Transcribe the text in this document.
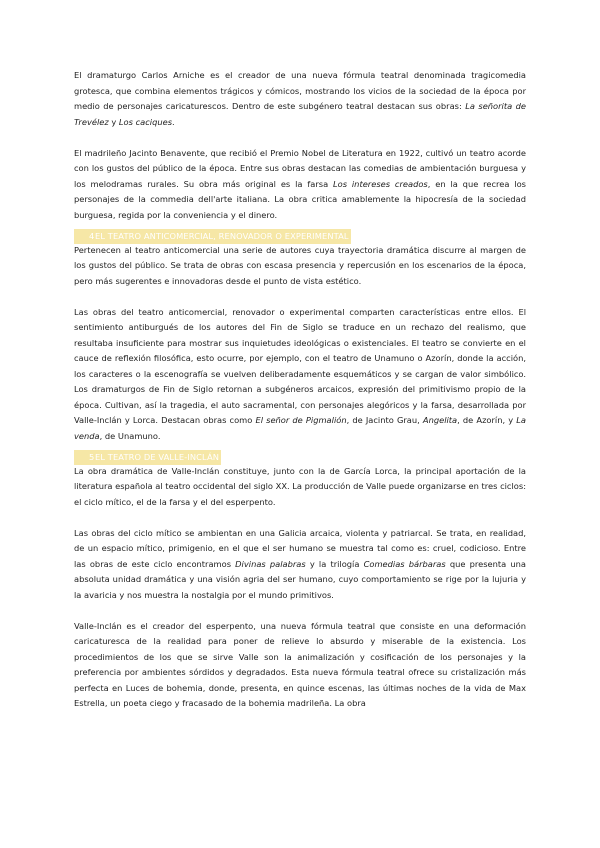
El dramaturgo Carlos Arniche es el creador de una nueva fórmula teatral denominada tragicomedia grotesca, que combina elementos trágicos y cómicos, mostrando los vicios de la sociedad de la época por medio de personajes caricaturescos. Dentro de este subgénero teatral destacan sus obras: La señorita de Trevélez y Los caciques.

El madrileño Jacinto Benavente, que recibió el Premio Nobel de Literatura en 1922, cultivó un teatro acorde con los gustos del público de la época. Entre sus obras destacan las comedias de ambientación burguesa y los melodramas rurales. Su obra más original es la farsa Los intereses creados, en la que recrea los personajes de la commedia dell'arte italiana. La obra critica amablemente la hipocresía de la sociedad burguesa, regida por la conveniencia y el dinero.

4EL TEATRO ANTICOMERCIAL, RENOVADOR O EXPERIMENTAL

Pertenecen al teatro anticomercial una serie de autores cuya trayectoria dramática discurre al margen de los gustos del público. Se trata de obras con escasa presencia y repercusión en los escenarios de la época, pero más sugerentes e innovadoras desde el punto de vista estético.

Las obras del teatro anticomercial, renovador o experimental comparten características entre ellos. El sentimiento antiburgués de los autores del Fin de Siglo se traduce en un rechazo del realismo, que resultaba insuficiente para mostrar sus inquietudes ideológicas o existenciales. El teatro se convierte en el cauce de reflexión filosófica, esto ocurre, por ejemplo, con el teatro de Unamuno o Azorín, donde la acción, los caracteres o la escenografía se vuelven deliberadamente esquemáticos y se cargan de valor simbólico. Los dramaturgos de Fin de Siglo retornan a subgéneros arcaicos, expresión del primitivismo propio de la época. Cultivan, así la tragedia, el auto sacramental, con personajes alegóricos y la farsa, desarrollada por Valle-Inclán y Lorca. Destacan obras como El señor de Pigmalión, de Jacinto Grau, Angelita, de Azorín, y La venda, de Unamuno.

5EL TEATRO DE VALLE-INCLÁN

La obra dramática de Valle-Inclán constituye, junto con la de García Lorca, la principal aportación de la literatura española al teatro occidental del siglo XX. La producción de Valle puede organizarse en tres ciclos: el ciclo mítico, el de la farsa y el del esperpento.

Las obras del ciclo mítico se ambientan en una Galicia arcaica, violenta y patriarcal. Se trata, en realidad, de un espacio mítico, primigenio, en el que el ser humano se muestra tal como es: cruel, codicioso. Entre las obras de este ciclo encontramos Divinas palabras y la trilogía Comedias bárbaras que presenta una absoluta unidad dramática y una visión agria del ser humano, cuyo comportamiento se rige por la lujuria y la avaricia y nos muestra la nostalgia por el mundo primitivos.

Valle-Inclán es el creador del esperpento, una nueva fórmula teatral que consiste en una deformación caricaturesca de la realidad para poner de relieve lo absurdo y miserable de la existencia. Los procedimientos de los que se sirve Valle son la animalización y cosificación de los personajes y la preferencia por ambientes sórdidos y degradados. Esta nueva fórmula teatral ofrece su cristalización más perfecta en Luces de bohemia, donde, presenta, en quince escenas, las últimas noches de la vida de Max Estrella, un poeta ciego y fracasado de la bohemia madrileña. La obra
